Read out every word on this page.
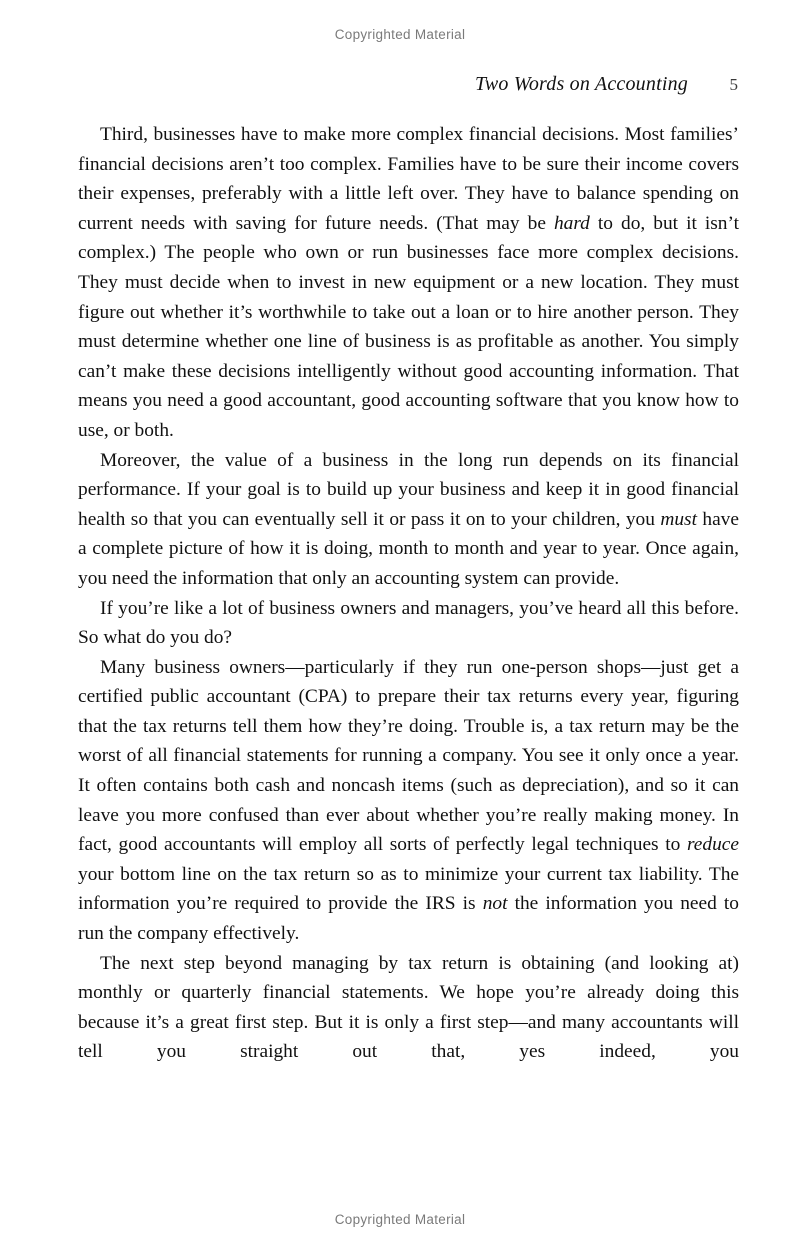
Copyrighted Material
Two Words on Accounting 5

Third, businesses have to make more complex financial decisions. Most families’ financial decisions aren’t too complex. Families have to be sure their income covers their expenses, preferably with a little left over. They have to balance spending on current needs with saving for future needs. (That may be hard to do, but it isn’t complex.) The people who own or run businesses face more complex decisions. They must decide when to invest in new equipment or a new location. They must figure out whether it’s worthwhile to take out a loan or to hire another person. They must determine whether one line of business is as profitable as another. You simply can’t make these decisions intelligently without good accounting information. That means you need a good accountant, good accounting software that you know how to use, or both.

Moreover, the value of a business in the long run depends on its financial performance. If your goal is to build up your business and keep it in good financial health so that you can eventually sell it or pass it on to your children, you must have a complete picture of how it is doing, month to month and year to year. Once again, you need the information that only an accounting system can provide.

If you’re like a lot of business owners and managers, you’ve heard all this before. So what do you do?

Many business owners—particularly if they run one-person shops—just get a certified public accountant (CPA) to prepare their tax returns every year, figuring that the tax returns tell them how they’re doing. Trouble is, a tax return may be the worst of all financial statements for running a company. You see it only once a year. It often contains both cash and noncash items (such as depreciation), and so it can leave you more confused than ever about whether you’re really making money. In fact, good accountants will employ all sorts of perfectly legal techniques to reduce your bottom line on the tax return so as to minimize your current tax liability. The information you’re required to provide the IRS is not the information you need to run the company effectively.

The next step beyond managing by tax return is obtaining (and looking at) monthly or quarterly financial statements. We hope you’re already doing this because it’s a great first step. But it is only a first step—and many accountants will tell you straight out that, yes indeed, you

Copyrighted Material
